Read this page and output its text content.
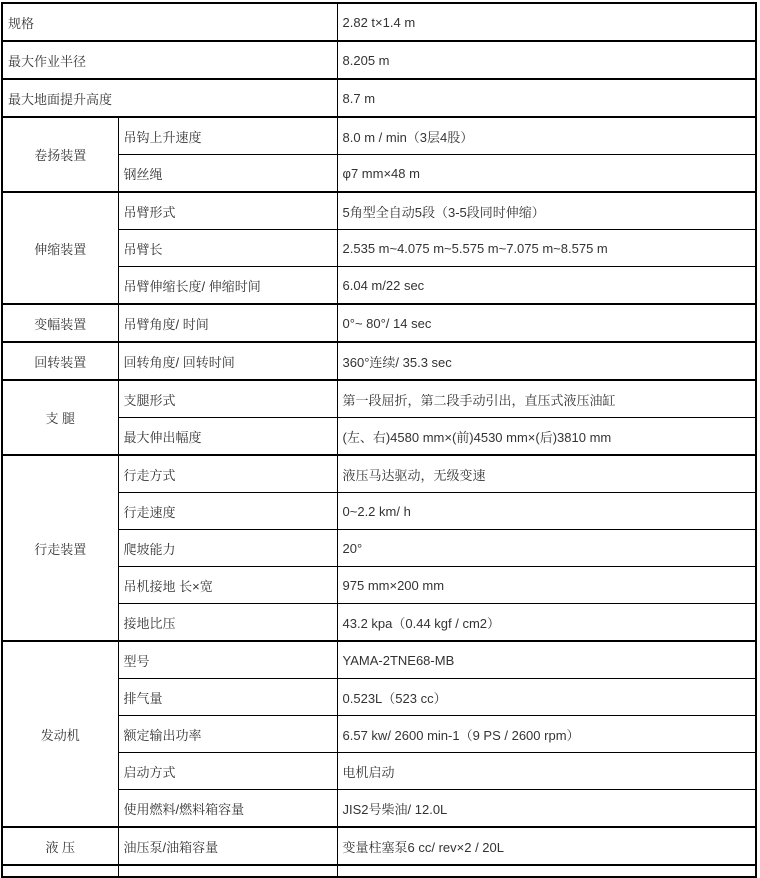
规格		2.82 t×1.4 m
最大作业半径		8.205 m
最大地面提升高度		8.7 m
卷扬装置	吊钩上升速度	8.0 m / min（3层4股）
	钢丝绳	φ7 mm×48 m
伸缩装置	吊臂形式	5角型全自动5段（3-5段同时伸缩）
	吊臂长	2.535 m~4.075 m~5.575 m~7.075 m~8.575 m
	吊臂伸缩长度/ 伸缩时间	6.04 m/22 sec
变幅装置	吊臂角度/ 时间	0°~ 80°/ 14 sec
回转装置	回转角度/ 回转时间	360°连续/ 35.3 sec
支 腿	支腿形式	第一段屈折，第二段手动引出，直压式液压油缸
	最大伸出幅度	(左、右)4580 mm×(前)4530 mm×(后)3810 mm
行走装置	行走方式	液压马达驱动，无级变速
	行走速度	0~2.2 km/ h
	爬坡能力	20°
	吊机接地 长×宽	975 mm×200 mm
	接地比压	43.2 kpa（0.44 kgf / cm2）
发动机	型号	YAMA-2TNE68-MB
	排气量	0.523L（523 cc）
	额定输出功率	6.57 kw/ 2600 min-1（9 PS / 2600 rpm）
	启动方式	电机启动
	使用燃料/燃料箱容量	JIS2号柴油/ 12.0L
液 压	油压泵/油箱容量	变量柱塞泵6 cc/ rev×2 / 20L
